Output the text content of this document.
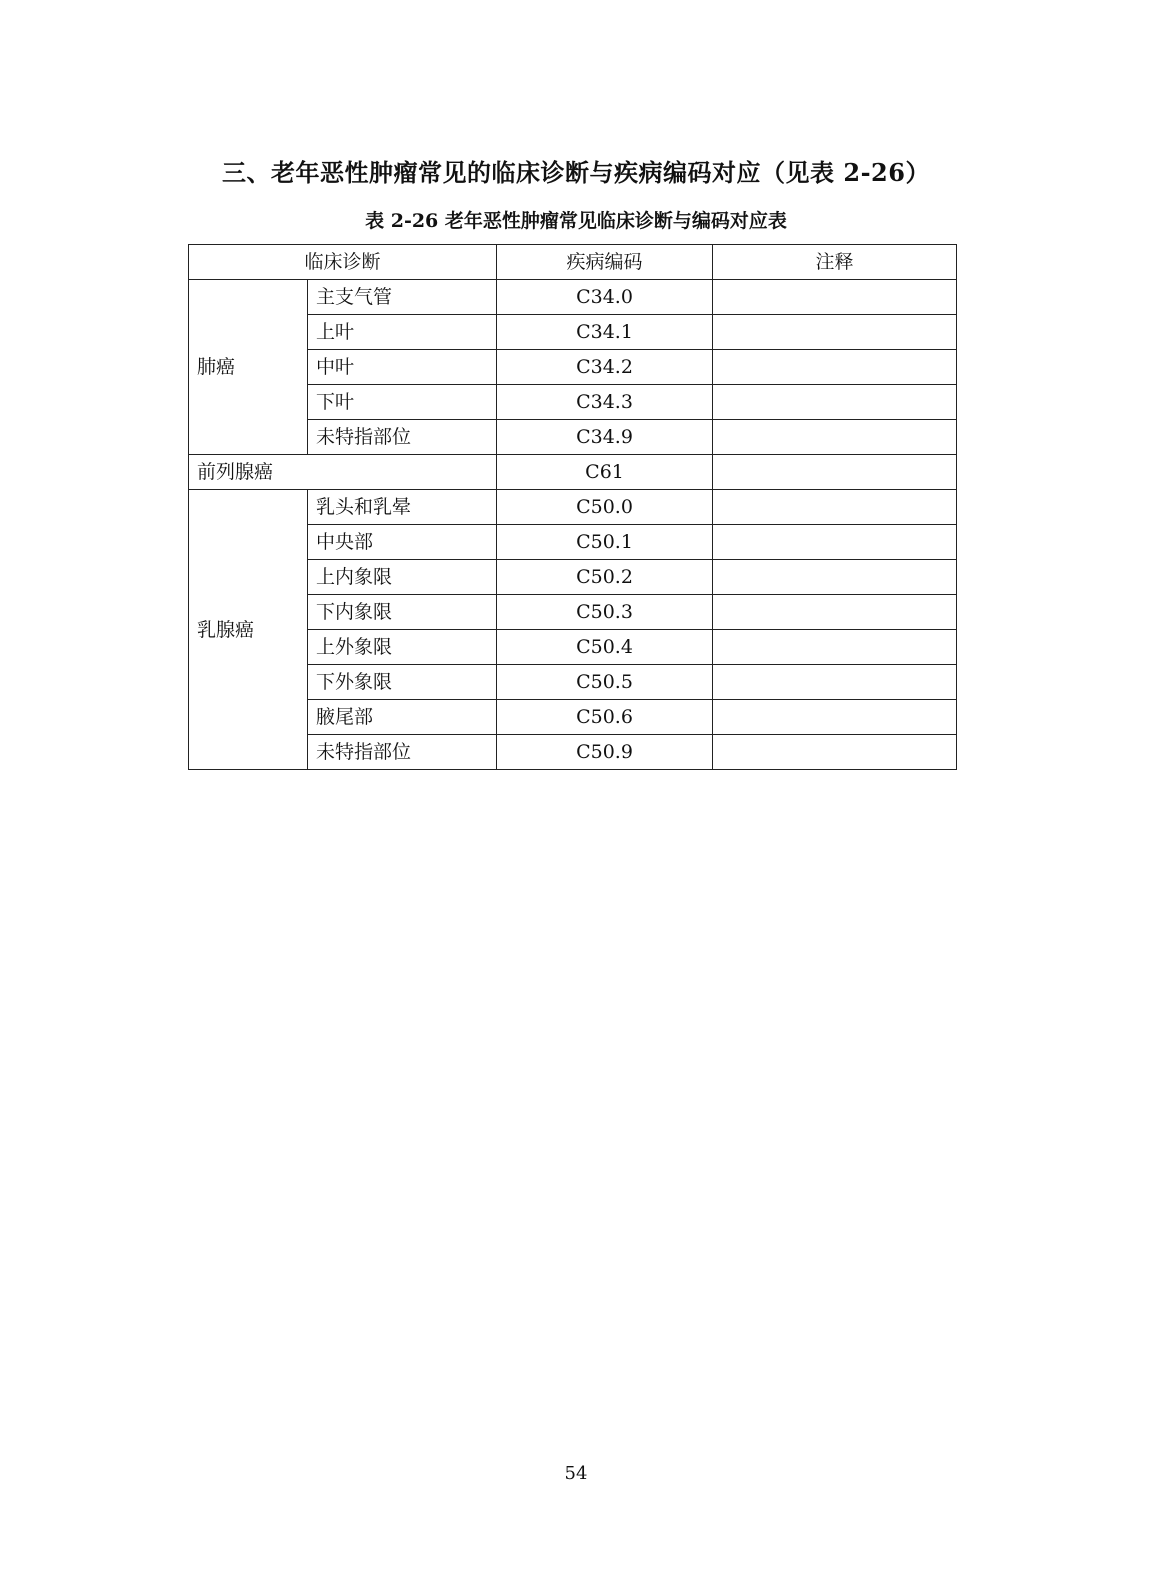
三、老年恶性肿瘤常见的临床诊断与疾病编码对应（见表 2-26）
表 2-26 老年恶性肿瘤常见临床诊断与编码对应表
临床诊断		疾病编码	注释
肺癌	主支气管	C34.0	
	上叶	C34.1	
	中叶	C34.2	
	下叶	C34.3	
	未特指部位	C34.9	
前列腺癌		C61	
乳腺癌	乳头和乳晕	C50.0	
	中央部	C50.1	
	上内象限	C50.2	
	下内象限	C50.3	
	上外象限	C50.4	
	下外象限	C50.5	
	腋尾部	C50.6	
	未特指部位	C50.9	
54
